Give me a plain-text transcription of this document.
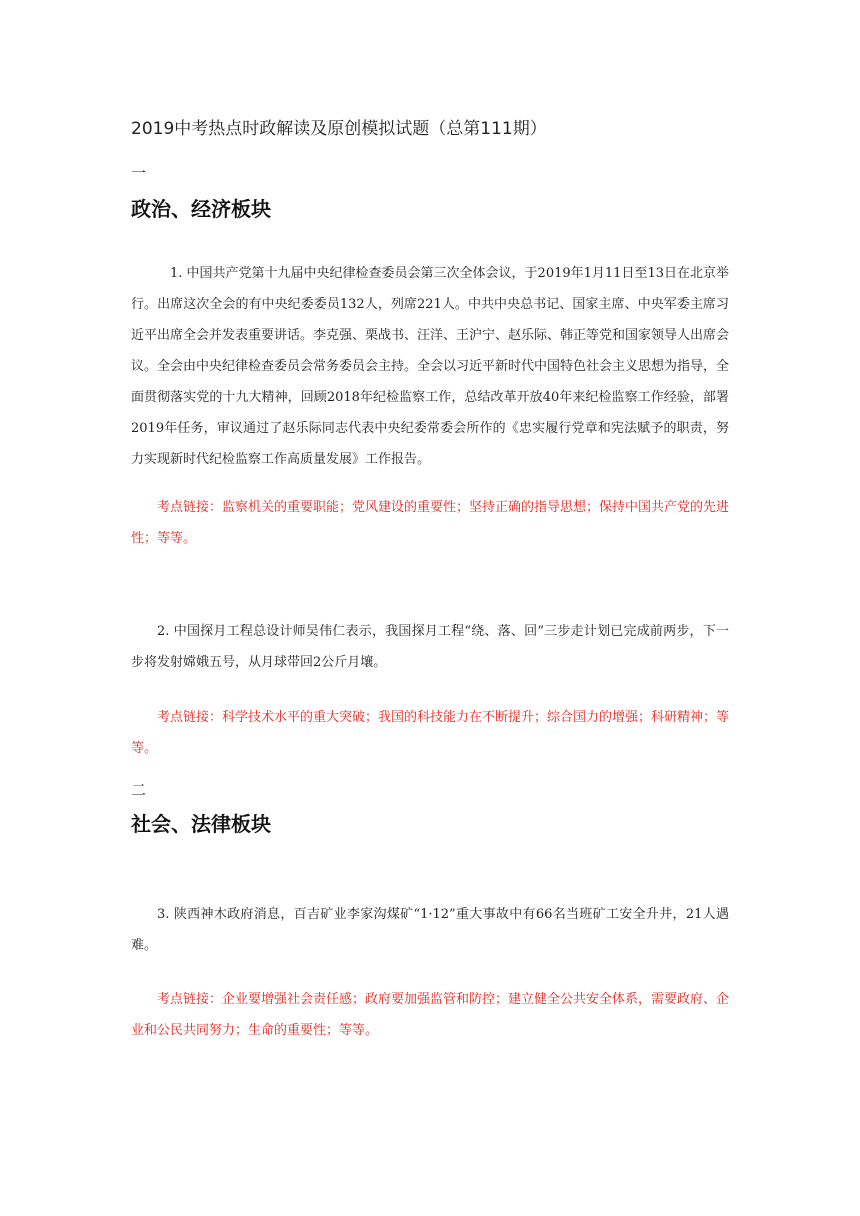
2019中考热点时政解读及原创模拟试题（总第111期）
一
政治、经济板块
1. 中国共产党第十九届中央纪律检查委员会第三次全体会议，于2019年1月11日至13日在北京举行。出席这次全会的有中央纪委委员132人，列席221人。中共中央总书记、国家主席、中央军委主席习近平出席全会并发表重要讲话。李克强、栗战书、汪洋、王沪宁、赵乐际、韩正等党和国家领导人出席会议。全会由中央纪律检查委员会常务委员会主持。全会以习近平新时代中国特色社会主义思想为指导，全面贯彻落实党的十九大精神，回顾2018年纪检监察工作，总结改革开放40年来纪检监察工作经验，部署2019年任务，审议通过了赵乐际同志代表中央纪委常委会所作的《忠实履行党章和宪法赋予的职责，努力实现新时代纪检监察工作高质量发展》工作报告。
考点链接：监察机关的重要职能；党风建设的重要性；坚持正确的指导思想；保持中国共产党的先进性；等等。
2. 中国探月工程总设计师吴伟仁表示，我国探月工程“绕、落、回”三步走计划已完成前两步，下一步将发射嫦娥五号，从月球带回2公斤月壤。
考点链接：科学技术水平的重大突破；我国的科技能力在不断提升；综合国力的增强；科研精神；等等。
二
社会、法律板块
3. 陕西神木政府消息，百吉矿业李家沟煤矿“1·12”重大事故中有66名当班矿工安全升井，21人遇难。
考点链接：企业要增强社会责任感；政府要加强监管和防控；建立健全公共安全体系，需要政府、企业和公民共同努力；生命的重要性；等等。
